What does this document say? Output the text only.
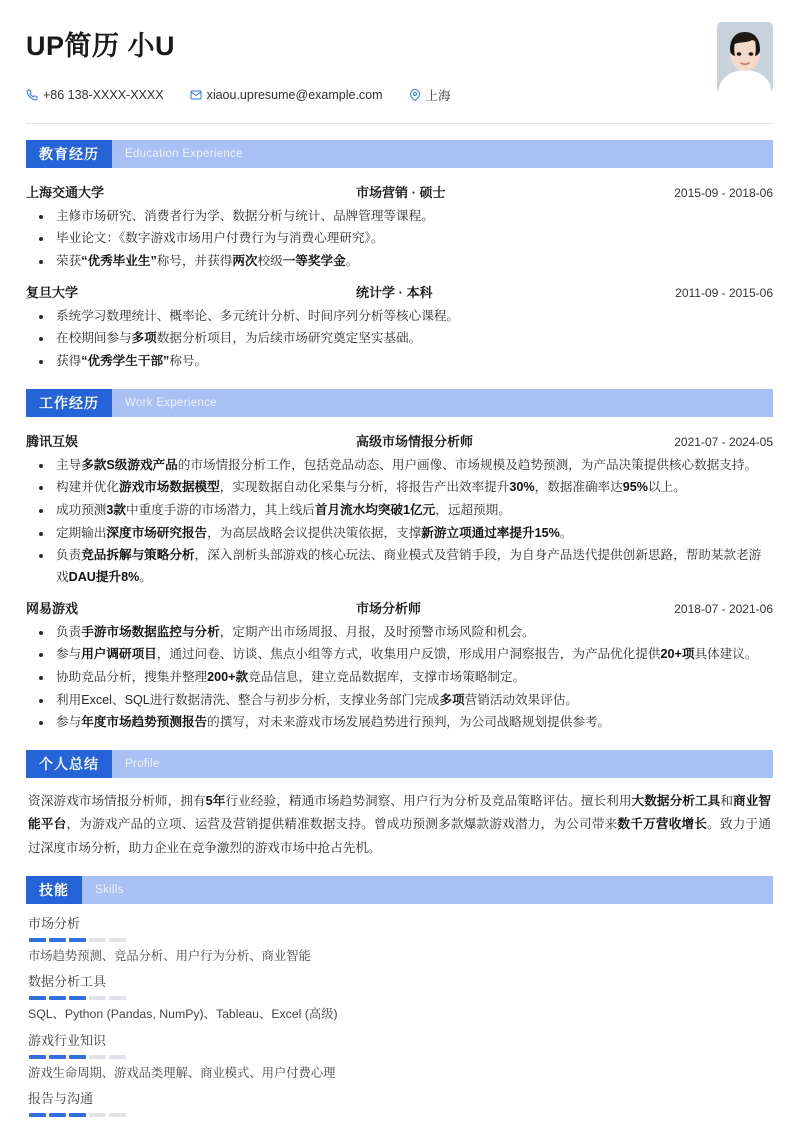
UP简历 小U
+86 138-XXXX-XXXX	xiaou.upresume@example.com	上海
教育经历	Education Experience
上海交通大学	市场营销 · 硕士	2015-09 - 2018-06
主修市场研究、消费者行为学、数据分析与统计、品牌管理等课程。
毕业论文：《数字游戏市场用户付费行为与消费心理研究》。
荣获“优秀毕业生”称号，并获得两次校级一等奖学金。
复旦大学	统计学 · 本科	2011-09 - 2015-06
系统学习数理统计、概率论、多元统计分析、时间序列分析等核心课程。
在校期间参与多项数据分析项目，为后续市场研究奠定坚实基础。
获得“优秀学生干部”称号。
工作经历	Work Experience
腾讯互娱	高级市场情报分析师	2021-07 - 2024-05
主导多款S级游戏产品的市场情报分析工作，包括竞品动态、用户画像、市场规模及趋势预测，为产品决策提供核心数据支持。
构建并优化游戏市场数据模型，实现数据自动化采集与分析，将报告产出效率提升30%，数据准确率达95%以上。
成功预测3款中重度手游的市场潜力，其上线后首月流水均突破1亿元，远超预期。
定期输出深度市场研究报告，为高层战略会议提供决策依据，支撑新游立项通过率提升15%。
负责竞品拆解与策略分析，深入剖析头部游戏的核心玩法、商业模式及营销手段，为自身产品迭代提供创新思路，帮助某款老游戏DAU提升8%。
网易游戏	市场分析师	2018-07 - 2021-06
负责手游市场数据监控与分析，定期产出市场周报、月报，及时预警市场风险和机会。
参与用户调研项目，通过问卷、访谈、焦点小组等方式，收集用户反馈，形成用户洞察报告，为产品优化提供20+项具体建议。
协助竞品分析，搜集并整理200+款竞品信息，建立竞品数据库，支撑市场策略制定。
利用Excel、SQL进行数据清洗、整合与初步分析，支撑业务部门完成多项营销活动效果评估。
参与年度市场趋势预测报告的撰写，对未来游戏市场发展趋势进行预判，为公司战略规划提供参考。
个人总结	Profile
资深游戏市场情报分析师，拥有5年行业经验，精通市场趋势洞察、用户行为分析及竞品策略评估。擅长利用大数据分析工具和商业智能平台，为游戏产品的立项、运营及营销提供精准数据支持。曾成功预测多款爆款游戏潜力，为公司带来数千万营收增长。致力于通过深度市场分析，助力企业在竞争激烈的游戏市场中抢占先机。
技能	Skills
市场分析
市场趋势预测、竞品分析、用户行为分析、商业智能
数据分析工具
SQL、Python (Pandas, NumPy)、Tableau、Excel (高级)
游戏行业知识
游戏生命周期、游戏品类理解、商业模式、用户付费心理
报告与沟通
